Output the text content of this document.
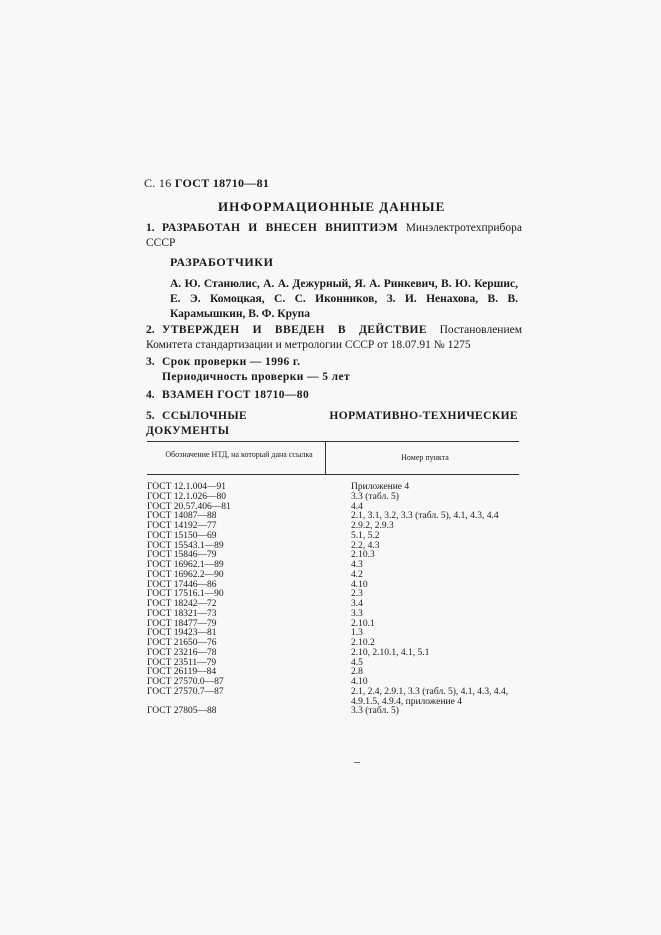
С. 16 ГОСТ 18710—81
ИНФОРМАЦИОННЫЕ ДАННЫЕ
1. РАЗРАБОТАН И ВНЕСЕН ВНИПТИЭМ Минэлектротехприбора СССР
РАЗРАБОТЧИКИ
А. Ю. Станюлис, А. А. Дежурный, Я. А. Ринкевич, В. Ю. Кершис, Е. Э. Комоцкая, С. С. Иконников, З. И. Ненахова, В. В. Карамышкин, В. Ф. Крупа
2. УТВЕРЖДЕН И ВВЕДЕН В ДЕЙСТВИЕ Постановлением Комитета стандартизации и метрологии СССР от 18.07.91 № 1275
3. Срок проверки — 1996 г.
Периодичность проверки — 5 лет
4. ВЗАМЕН ГОСТ 18710—80
5. ССЫЛОЧНЫЕ НОРМАТИВНО-ТЕХНИЧЕСКИЕ ДОКУМЕНТЫ
Обозначение НТД, на который дана ссылка	Номер пункта
ГОСТ 12.1.004—91	Приложение 4
ГОСТ 12.1.026—80	3.3 (табл. 5)
ГОСТ 20.57.406—81	4.4
ГОСТ 14087—88	2.1, 3.1, 3.2, 3.3 (табл. 5), 4.1, 4.3, 4.4
ГОСТ 14192—77	2.9.2, 2.9.3
ГОСТ 15150—69	5.1, 5.2
ГОСТ 15543.1—89	2.2, 4.3
ГОСТ 15846—79	2.10.3
ГОСТ 16962.1—89	4.3
ГОСТ 16962.2—90	4.2
ГОСТ 17446—86	4.10
ГОСТ 17516.1—90	2.3
ГОСТ 18242—72	3.4
ГОСТ 18321—73	3.3
ГОСТ 18477—79	2.10.1
ГОСТ 19423—81	1.3
ГОСТ 21650—76	2.10.2
ГОСТ 23216—78	2.10, 2.10.1, 4.1, 5.1
ГОСТ 23511—79	4.5
ГОСТ 26119—84	2.8
ГОСТ 27570.0—87	4.10
ГОСТ 27570.7—87	2.1, 2.4, 2.9.1, 3.3 (табл. 5), 4.1, 4.3, 4.4, 4.9.1.5, 4.9.4, приложение 4
ГОСТ 27805—88	3.3 (табл. 5)
